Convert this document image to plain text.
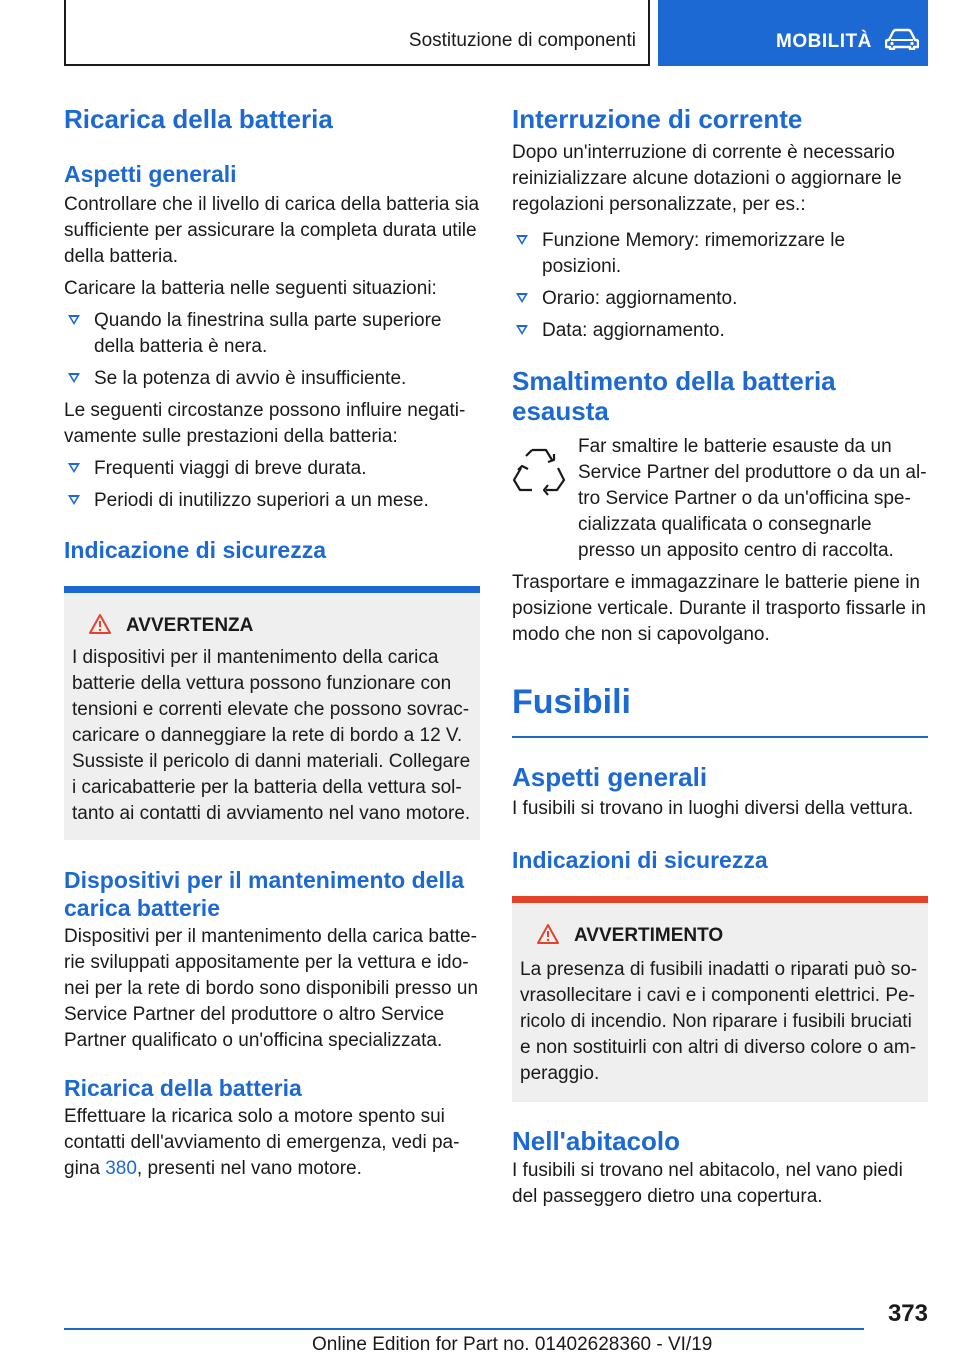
Sostituzione di componenti	MOBILITÀ
Ricarica della batteria
Aspetti generali

Controllare che il livello di carica della batteria sia sufficiente per assicurare la completa durata utile della batteria.

Caricare la batteria nelle seguenti situazioni:

Quando la finestrina sulla parte superiore della batteria è nera.
Se la potenza di avvio è insufficiente.

Le seguenti circostanze possono influire negativamente sulle prestazioni della batteria:

Frequenti viaggi di breve durata.
Periodi di inutilizzo superiori a un mese.
Indicazione di sicurezza
AVVERTENZA

I dispositivi per il mantenimento della carica batterie della vettura possono funzionare con tensioni e correnti elevate che possono sovraccaricare o danneggiare la rete di bordo a 12 V. Sussiste il pericolo di danni materiali. Collegare i caricabatterie per la batteria della vettura soltanto ai contatti di avviamento nel vano motore.

Dispositivi per il mantenimento della carica batterie

Dispositivi per il mantenimento della carica batterie sviluppati appositamente per la vettura e idonei per la rete di bordo sono disponibili presso un Service Partner del produttore o altro Service Partner qualificato o un'officina specializzata.

Ricarica della batteria

Effettuare la ricarica solo a motore spento sui contatti dell'avviamento di emergenza, vedi pagina 380, presenti nel vano motore.

Interruzione di corrente

Dopo un'interruzione di corrente è necessario reinizializzare alcune dotazioni o aggiornare le regolazioni personalizzate, per es.:

Funzione Memory: rimemorizzare le posizioni.
Orario: aggiornamento.
Data: aggiornamento.
Smaltimento della batteria esausta

Far smaltire le batterie esauste da un Service Partner del produttore o da un altro Service Partner o da un'officina specializzata qualificata o consegnarle presso un apposito centro di raccolta.

Trasportare e immagazzinare le batterie piene in posizione verticale. Durante il trasporto fissarle in modo che non si capovolgano.

Fusibili
Aspetti generali

I fusibili si trovano in luoghi diversi della vettura.

Indicazioni di sicurezza
AVVERTIMENTO

La presenza di fusibili inadatti o riparati può sovrasollecitare i cavi e i componenti elettrici. Pericolo di incendio. Non riparare i fusibili bruciati e non sostituirli con altri di diverso colore o amperaggio.

Nell'abitacolo

I fusibili si trovano nel abitacolo, nel vano piedi del passeggero dietro una copertura.

373
Online Edition for Part no. 01402628360 - VI/19
